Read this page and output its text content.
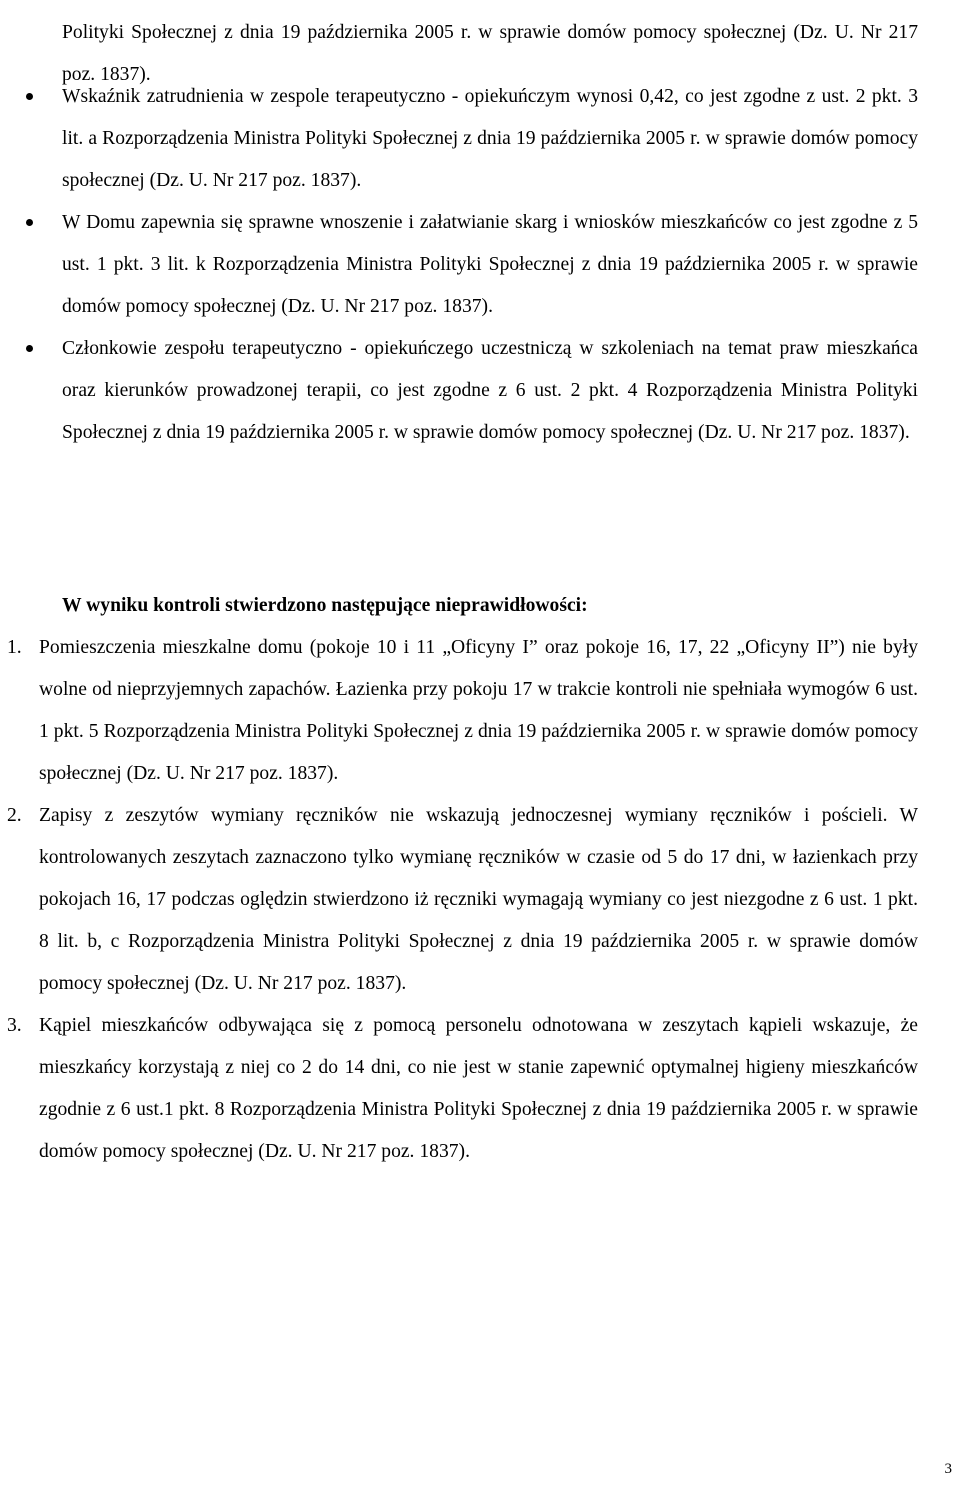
Polityki Społecznej z dnia 19 października 2005 r. w sprawie domów pomocy społecznej (Dz. U. Nr 217 poz. 1837).

Wskaźnik zatrudnienia w zespole terapeutyczno - opiekuńczym wynosi 0,42, co jest zgodne z ust. 2 pkt. 3 lit. a Rozporządzenia Ministra Polityki Społecznej z dnia 19 października 2005 r. w sprawie domów pomocy społecznej (Dz. U. Nr 217 poz. 1837).
W Domu zapewnia się sprawne wnoszenie i załatwianie skarg i wniosków mieszkańców co jest zgodne z 5 ust. 1 pkt. 3 lit. k Rozporządzenia Ministra Polityki Społecznej z dnia 19 października 2005 r. w sprawie domów pomocy społecznej (Dz. U. Nr 217 poz. 1837).
Członkowie zespołu terapeutyczno - opiekuńczego uczestniczą w szkoleniach na temat praw mieszkańca oraz kierunków prowadzonej terapii, co jest zgodne z 6 ust. 2 pkt. 4 Rozporządzenia Ministra Polityki Społecznej z dnia 19 października 2005 r. w sprawie domów pomocy społecznej (Dz. U. Nr 217 poz. 1837).
W wyniku kontroli stwierdzono następujące nieprawidłowości:
1. Pomieszczenia mieszkalne domu (pokoje 10 i 11 „Oficyny I” oraz pokoje 16, 17, 22 „Oficyny II”) nie były wolne od nieprzyjemnych zapachów. Łazienka przy pokoju 17 w trakcie kontroli nie spełniała wymogów 6 ust. 1 pkt. 5 Rozporządzenia Ministra Polityki Społecznej z dnia 19 października 2005 r. w sprawie domów pomocy społecznej (Dz. U. Nr 217 poz. 1837).
2. Zapisy z zeszytów wymiany ręczników nie wskazują jednoczesnej wymiany ręczników i pościeli. W kontrolowanych zeszytach zaznaczono tylko wymianę ręczników w czasie od 5 do 17 dni, w łazienkach przy pokojach 16, 17 podczas oględzin stwierdzono iż ręczniki wymagają wymiany co jest niezgodne z 6 ust. 1 pkt. 8 lit. b, c Rozporządzenia Ministra Polityki Społecznej z dnia 19 października 2005 r. w sprawie domów pomocy społecznej (Dz. U. Nr 217 poz. 1837).
3. Kąpiel mieszkańców odbywająca się z pomocą personelu odnotowana w zeszytach kąpieli wskazuje, że mieszkańcy korzystają z niej co 2 do 14 dni, co nie jest w stanie zapewnić optymalnej higieny mieszkańców zgodnie z 6 ust.1 pkt. 8 Rozporządzenia Ministra Polityki Społecznej z dnia 19 października 2005 r. w sprawie domów pomocy społecznej (Dz. U. Nr 217 poz. 1837).
3
